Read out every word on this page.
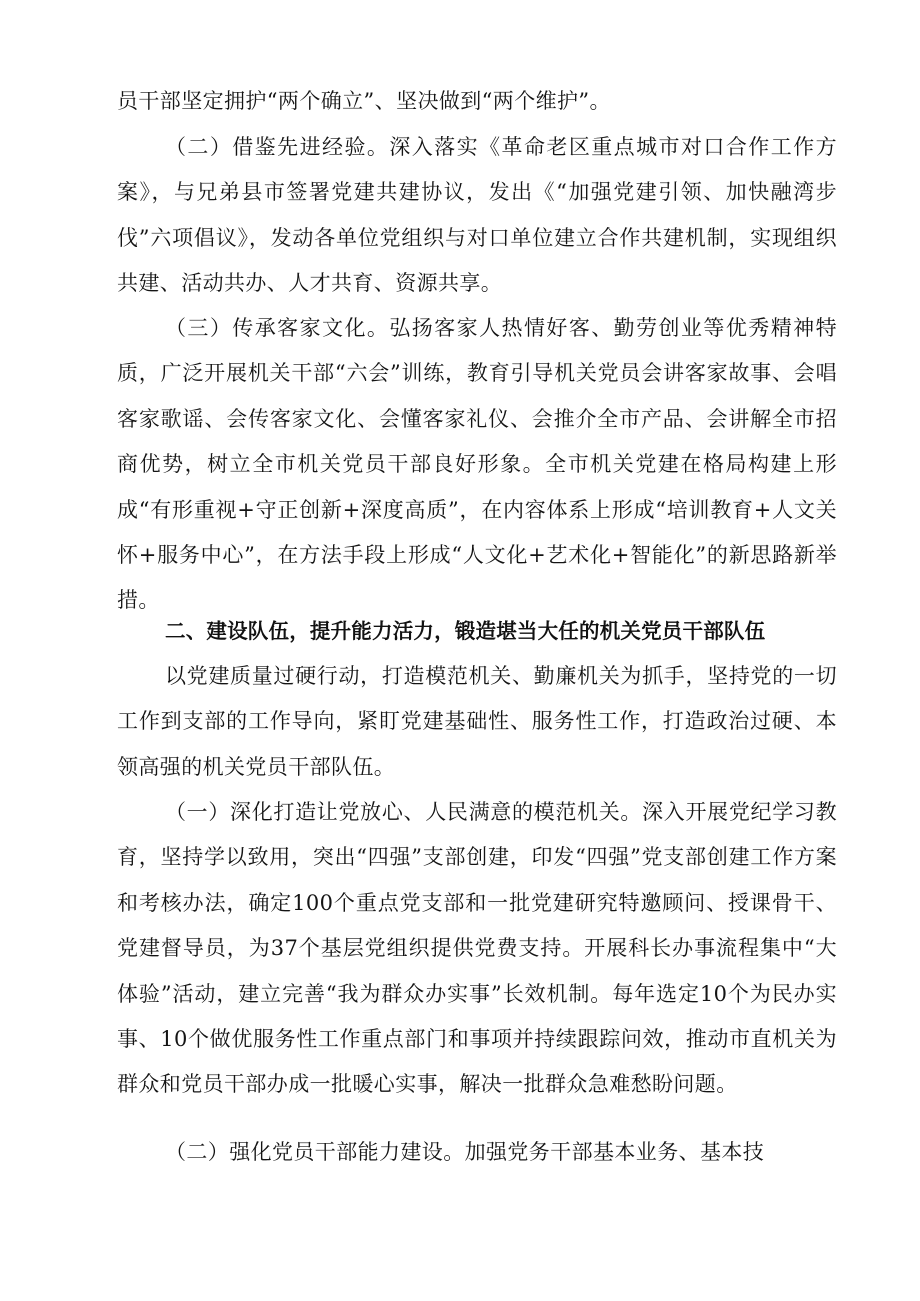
员干部坚定拥护“两个确立”、坚决做到“两个维护”。

（二）借鉴先进经验。深入落实《革命老区重点城市对口合作工作方案》，与兄弟县市签署党建共建协议，发出《“加强党建引领、加快融湾步伐”六项倡议》，发动各单位党组织与对口单位建立合作共建机制，实现组织共建、活动共办、人才共育、资源共享。

（三）传承客家文化。弘扬客家人热情好客、勤劳创业等优秀精神特质，广泛开展机关干部“六会”训练，教育引导机关党员会讲客家故事、会唱客家歌谣、会传客家文化、会懂客家礼仪、会推介全市产品、会讲解全市招商优势，树立全市机关党员干部良好形象。全市机关党建在格局构建上形成“有形重视+守正创新+深度高质”，在内容体系上形成“培训教育+人文关怀+服务中心”，在方法手段上形成“人文化+艺术化+智能化”的新思路新举措。

二、建设队伍，提升能力活力，锻造堪当大任的机关党员干部队伍

以党建质量过硬行动，打造模范机关、勤廉机关为抓手，坚持党的一切工作到支部的工作导向，紧盯党建基础性、服务性工作，打造政治过硬、本领高强的机关党员干部队伍。

（一）深化打造让党放心、人民满意的模范机关。深入开展党纪学习教育，坚持学以致用，突出“四强”支部创建，印发“四强”党支部创建工作方案和考核办法，确定100个重点党支部和一批党建研究特邀顾问、授课骨干、党建督导员，为37个基层党组织提供党费支持。开展科长办事流程集中“大体验”活动，建立完善“我为群众办实事”长效机制。每年选定10个为民办实事、10个做优服务性工作重点部门和事项并持续跟踪问效，推动市直机关为群众和党员干部办成一批暖心实事，解决一批群众急难愁盼问题。

（二）强化党员干部能力建设。加强党务干部基本业务、基本技
